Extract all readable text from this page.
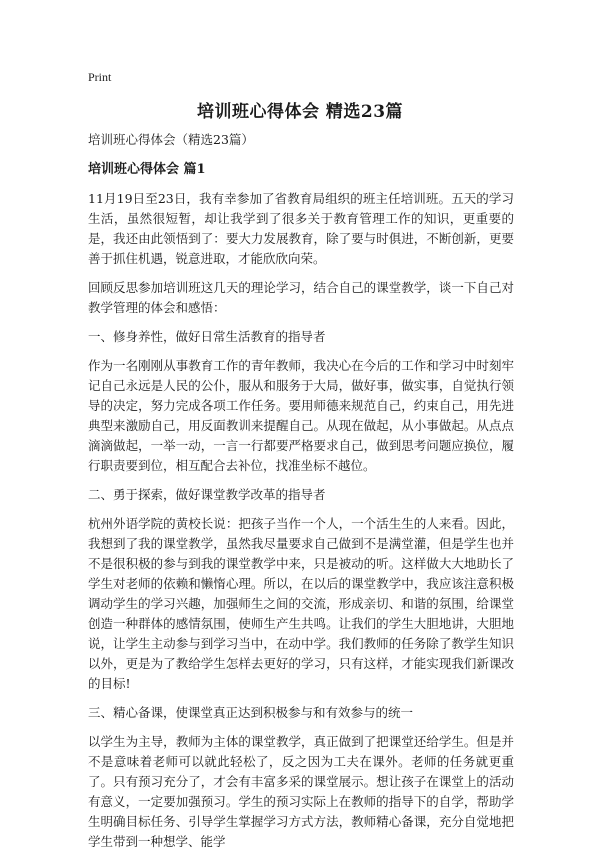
Print
培训班心得体会 精选23篇

培训班心得体会（精选23篇）

培训班心得体会 篇1

11月19日至23日，我有幸参加了省教育局组织的班主任培训班。五天的学习生活，虽然很短暂，却让我学到了很多关于教育管理工作的知识，更重要的是，我还由此领悟到了：要大力发展教育，除了要与时俱进，不断创新，更要善于抓住机遇，锐意进取，才能欣欣向荣。

回顾反思参加培训班这几天的理论学习，结合自己的课堂教学，谈一下自己对教学管理的体会和感悟：

一、修身养性，做好日常生活教育的指导者

作为一名刚刚从事教育工作的青年教师，我决心在今后的工作和学习中时刻牢记自己永远是人民的公仆，服从和服务于大局，做好事，做实事，自觉执行领导的决定，努力完成各项工作任务。要用师德来规范自己，约束自己，用先进典型来激励自己，用反面教训来提醒自己。从现在做起，从小事做起。从点点滴滴做起，一举一动，一言一行都要严格要求自己，做到思考问题应换位，履行职责要到位，相互配合去补位，找准坐标不越位。

二、勇于探索，做好课堂教学改革的指导者

杭州外语学院的黄校长说：把孩子当作一个人，一个活生生的人来看。因此，我想到了我的课堂教学，虽然我尽量要求自己做到不是满堂灌，但是学生也并不是很积极的参与到我的课堂教学中来，只是被动的听。这样做大大地助长了学生对老师的依赖和懒惰心理。所以，在以后的课堂教学中，我应该注意积极调动学生的学习兴趣，加强师生之间的交流，形成亲切、和谐的氛围，给课堂创造一种群体的感情氛围，使师生产生共鸣。让我们的学生大胆地讲，大胆地说，让学生主动参与到学习当中，在动中学。我们教师的任务除了教学生知识以外，更是为了教给学生怎样去更好的学习，只有这样，才能实现我们新课改的目标!

三、精心备课，使课堂真正达到积极参与和有效参与的统一

以学生为主导，教师为主体的课堂教学，真正做到了把课堂还给学生。但是并不是意味着老师可以就此轻松了，反之因为工夫在课外。老师的任务就更重了。只有预习充分了，才会有丰富多采的课堂展示。想让孩子在课堂上的活动有意义，一定要加强预习。学生的预习实际上在教师的指导下的自学，帮助学生明确目标任务、引导学生掌握学习方式方法，教师精心备课，充分自觉地把学生带到一种想学、能学
